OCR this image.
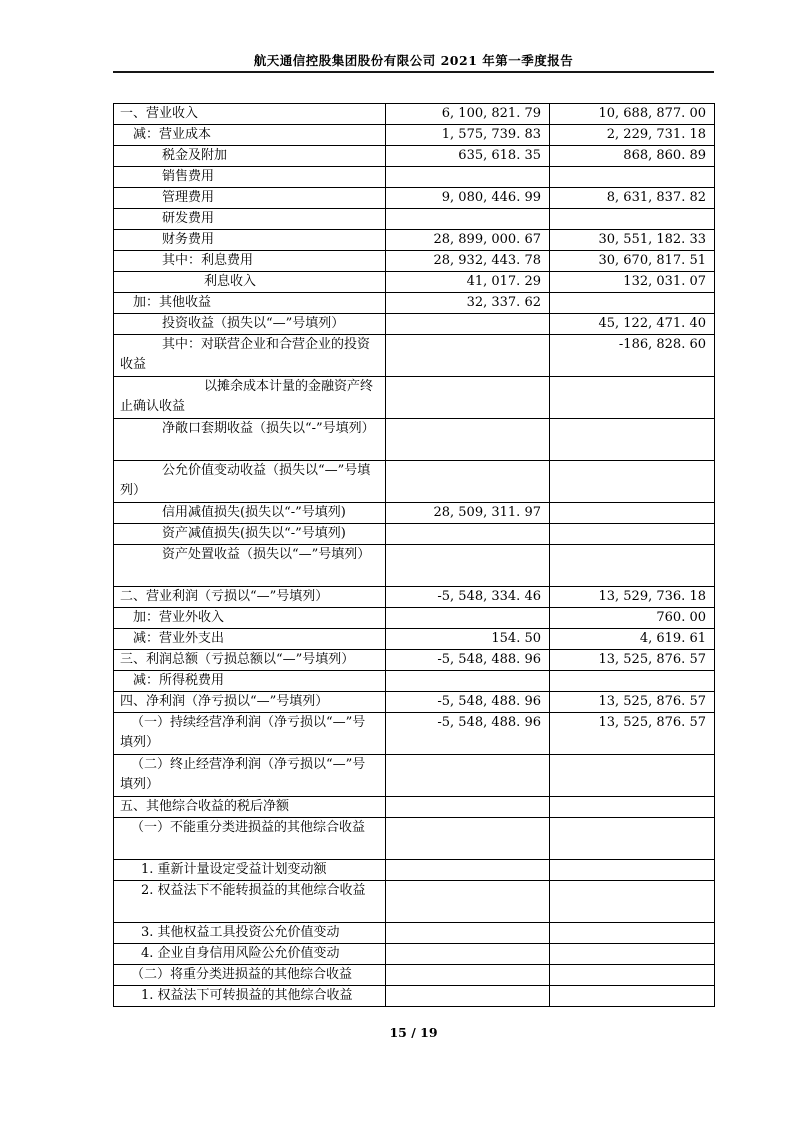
航天通信控股集团股份有限公司 2021 年第一季度报告
一、营业收入	6, 100, 821. 79	10, 688, 877. 00
减：营业成本	1, 575, 739. 83	2, 229, 731. 18
税金及附加	635, 618. 35	868, 860. 89
销售费用		
管理费用	9, 080, 446. 99	8, 631, 837. 82
研发费用		
财务费用	28, 899, 000. 67	30, 551, 182. 33
其中：利息费用	28, 932, 443. 78	30, 670, 817. 51
利息收入	41, 017. 29	132, 031. 07
加：其他收益	32, 337. 62	
投资收益（损失以“—”号填列）		45, 122, 471. 40
其中：对联营企业和合营企业的投资收益		-186, 828. 60
以摊余成本计量的金融资产终止确认收益		
净敞口套期收益（损失以“-”号填列）		
公允价值变动收益（损失以“—”号填列）		
信用减值损失(损失以“-”号填列)	28, 509, 311. 97	
资产减值损失(损失以“-”号填列)		
资产处置收益（损失以“—”号填列）		
二、营业利润（亏损以“—”号填列）	-5, 548, 334. 46	13, 529, 736. 18
加：营业外收入		760. 00
减：营业外支出	154. 50	4, 619. 61
三、利润总额（亏损总额以“—”号填列）	-5, 548, 488. 96	13, 525, 876. 57
减：所得税费用		
四、净利润（净亏损以“—”号填列）	-5, 548, 488. 96	13, 525, 876. 57
（一）持续经营净利润（净亏损以“—”号填列）	-5, 548, 488. 96	13, 525, 876. 57
（二）终止经营净利润（净亏损以“—”号填列）		
五、其他综合收益的税后净额		
（一）不能重分类进损益的其他综合收益		
1. 重新计量设定受益计划变动额		
2. 权益法下不能转损益的其他综合收益		
3. 其他权益工具投资公允价值变动		
4. 企业自身信用风险公允价值变动		
（二）将重分类进损益的其他综合收益		
1. 权益法下可转损益的其他综合收益		
15 / 19
